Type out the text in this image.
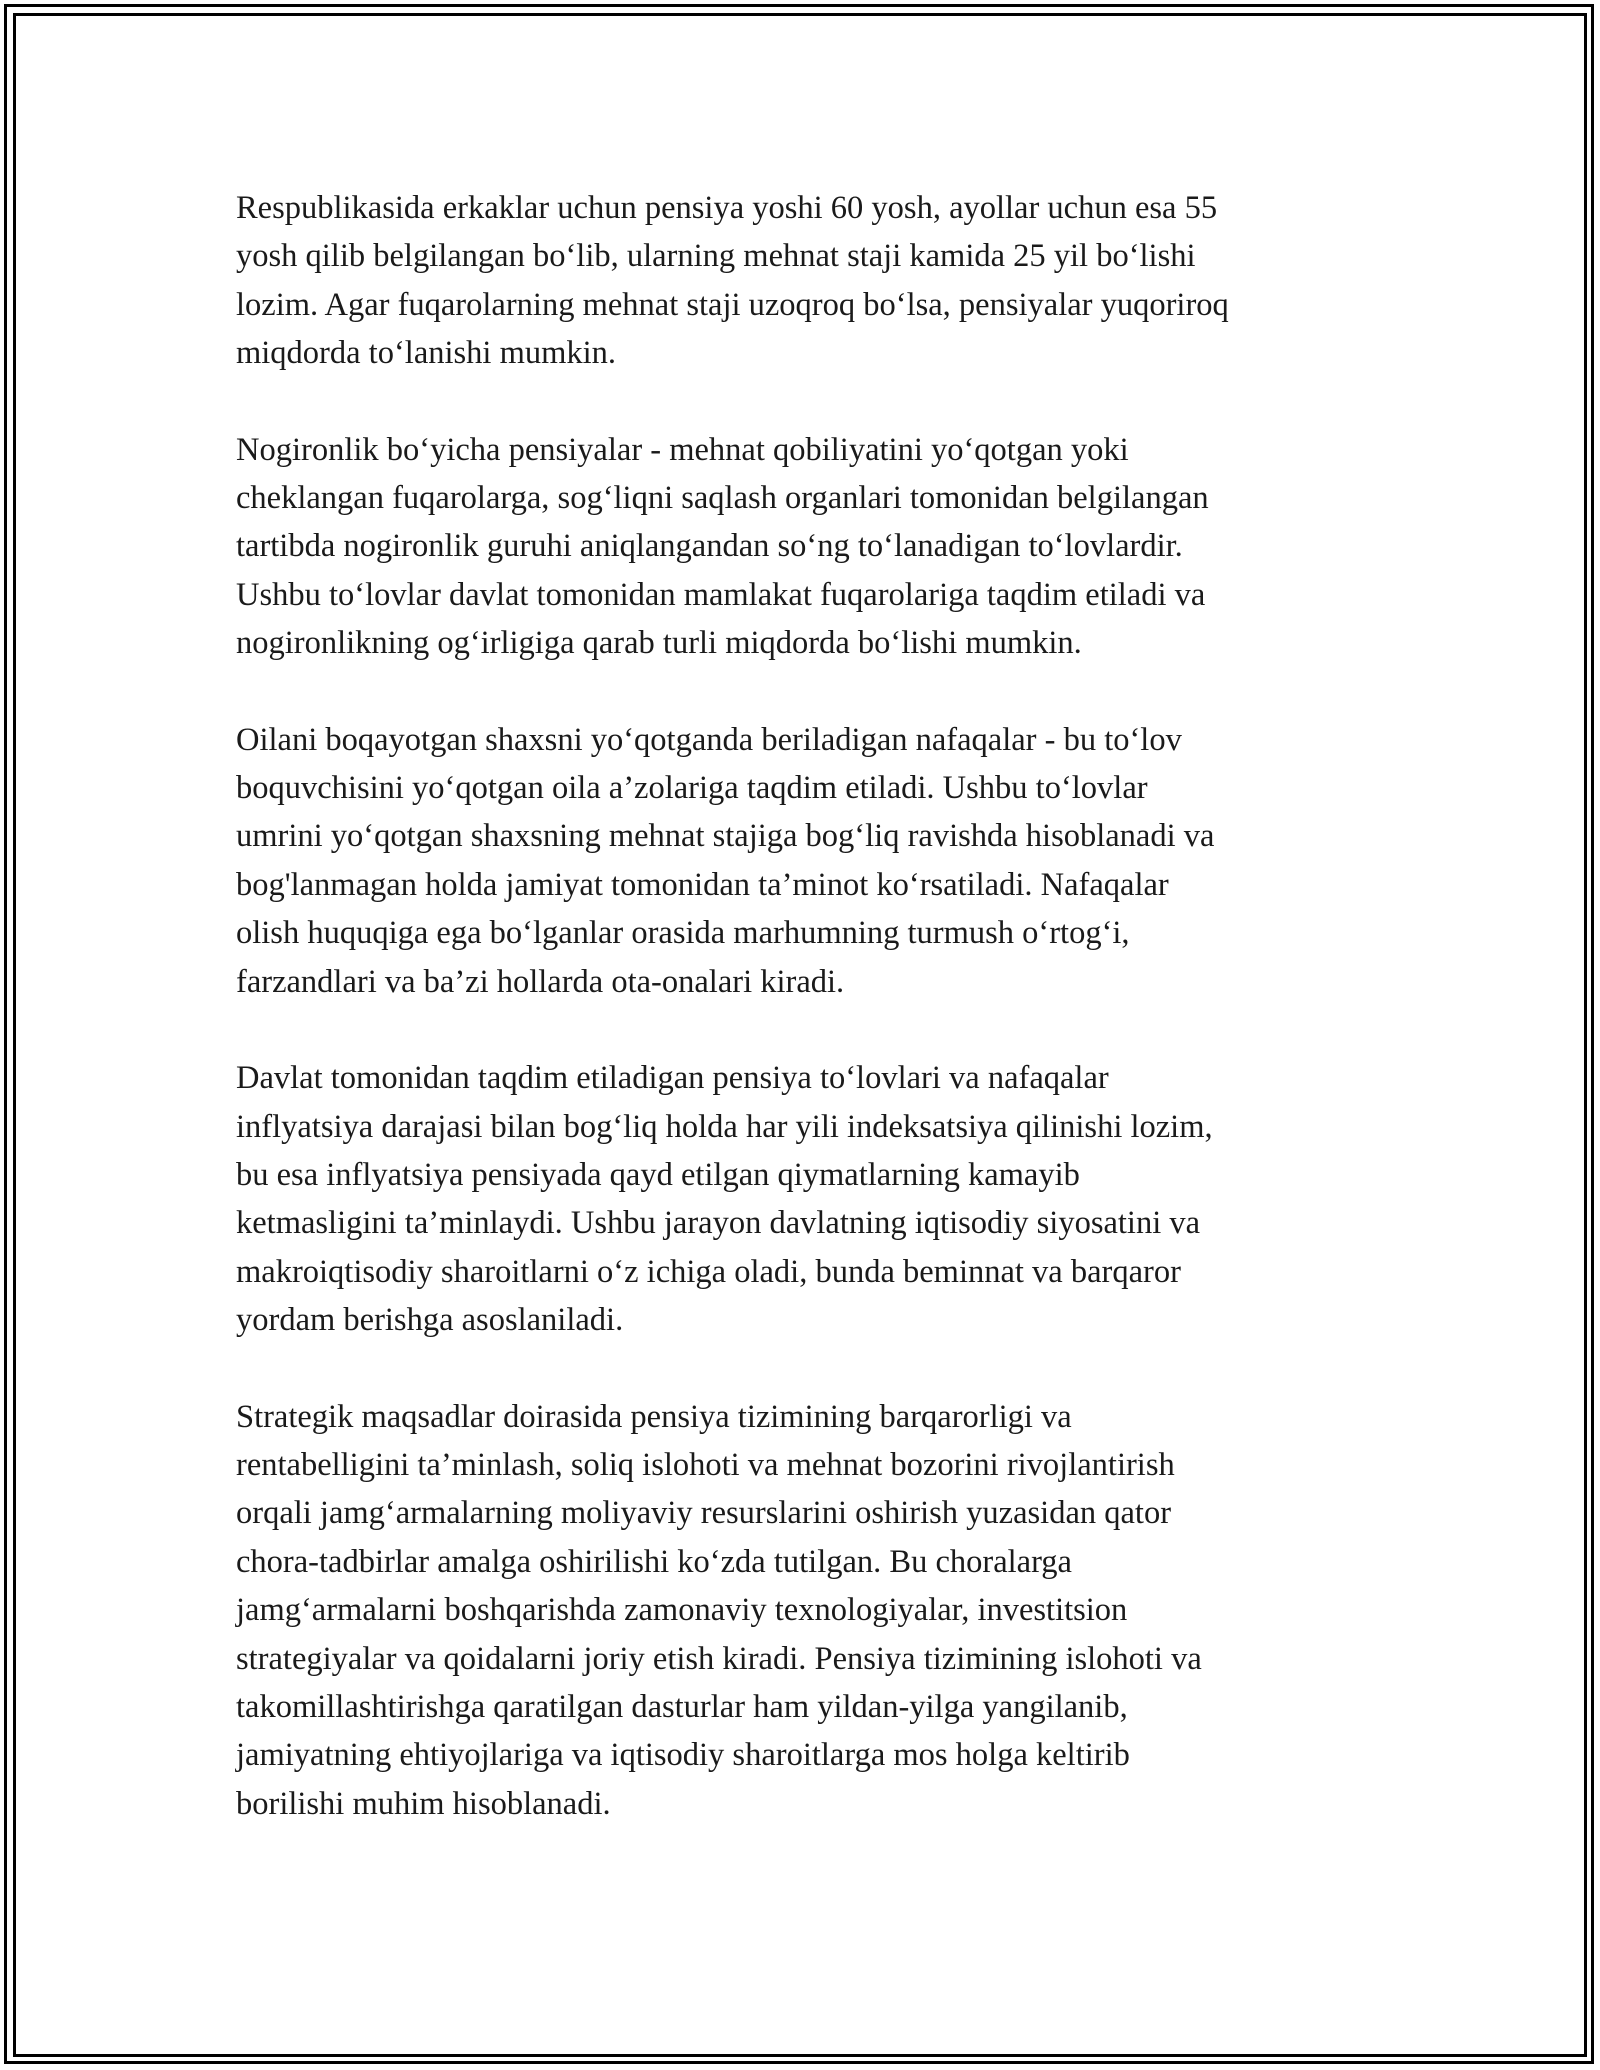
Respublikasida erkaklar uchun pensiya yoshi 60 yosh, ayollar uchun esa 55
yosh qilib belgilangan bo‘lib, ularning mehnat staji kamida 25 yil bo‘lishi
lozim. Agar fuqarolarning mehnat staji uzoqroq bo‘lsa, pensiyalar yuqoriroq
miqdorda to‘lanishi mumkin.

Nogironlik bo‘yicha pensiyalar - mehnat qobiliyatini yo‘qotgan yoki
cheklangan fuqarolarga, sog‘liqni saqlash organlari tomonidan belgilangan
tartibda nogironlik guruhi aniqlangandan so‘ng to‘lanadigan to‘lovlardir.
Ushbu to‘lovlar davlat tomonidan mamlakat fuqarolariga taqdim etiladi va
nogironlikning og‘irligiga qarab turli miqdorda bo‘lishi mumkin.

Oilani boqayotgan shaxsni yo‘qotganda beriladigan nafaqalar - bu to‘lov
boquvchisini yo‘qotgan oila a’zolariga taqdim etiladi. Ushbu to‘lovlar
umrini yo‘qotgan shaxsning mehnat stajiga bog‘liq ravishda hisoblanadi va
bog'lanmagan holda jamiyat tomonidan ta’minot ko‘rsatiladi. Nafaqalar
olish huquqiga ega bo‘lganlar orasida marhumning turmush o‘rtog‘i,
farzandlari va ba’zi hollarda ota-onalari kiradi.

Davlat tomonidan taqdim etiladigan pensiya to‘lovlari va nafaqalar
inflyatsiya darajasi bilan bog‘liq holda har yili indeksatsiya qilinishi lozim,
bu esa inflyatsiya pensiyada qayd etilgan qiymatlarning kamayib
ketmasligini ta’minlaydi. Ushbu jarayon davlatning iqtisodiy siyosatini va
makroiqtisodiy sharoitlarni o‘z ichiga oladi, bunda beminnat va barqaror
yordam berishga asoslaniladi.

Strategik maqsadlar doirasida pensiya tizimining barqarorligi va
rentabelligini ta’minlash, soliq islohoti va mehnat bozorini rivojlantirish
orqali jamg‘armalarning moliyaviy resurslarini oshirish yuzasidan qator
chora-tadbirlar amalga oshirilishi ko‘zda tutilgan. Bu choralarga
jamg‘armalarni boshqarishda zamonaviy texnologiyalar, investitsion
strategiyalar va qoidalarni joriy etish kiradi. Pensiya tizimining islohoti va
takomillashtirishga qaratilgan dasturlar ham yildan-yilga yangilanib,
jamiyatning ehtiyojlariga va iqtisodiy sharoitlarga mos holga keltirib
borilishi muhim hisoblanadi.
